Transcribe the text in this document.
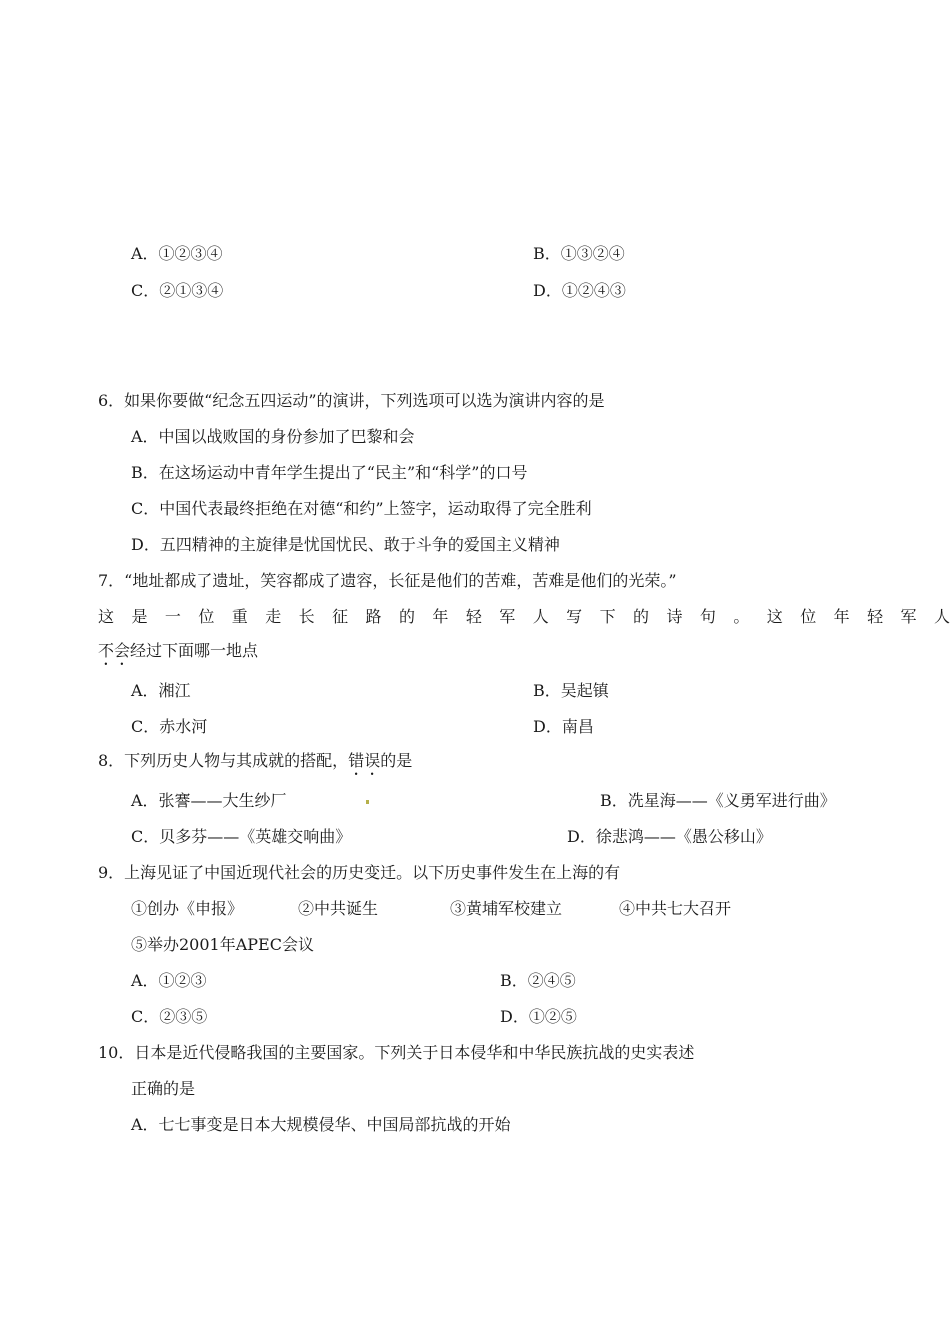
A．①②③④	B．①③②④
C．②①③④	D．①②④③
6．如果你要做“纪念五四运动”的演讲，下列选项可以选为演讲内容的是
A．中国以战败国的身份参加了巴黎和会
B．在这场运动中青年学生提出了“民主”和“科学”的口号
C．中国代表最终拒绝在对德“和约”上签字，运动取得了完全胜利
D．五四精神的主旋律是忧国忧民、敢于斗争的爱国主义精神
7．“地址都成了遗址，笑容都成了遗容，长征是他们的苦难，苦难是他们的光荣。”
这 是 一 位 重 走 长 征 路 的 年 轻 军 人 写 下 的 诗 句 。 这 位 年 轻 军 人
不会经过下面哪一地点
A．湘江	B．吴起镇
C．赤水河	D．南昌
8．下列历史人物与其成就的搭配，错误的是
A．张謇——大生纱厂	B．冼星海——《义勇军进行曲》
C．贝多芬——《英雄交响曲》	D．徐悲鸿——《愚公移山》
9．上海见证了中国近现代社会的历史变迁。以下历史事件发生在上海的有
①创办《申报》	②中共诞生	③黄埔军校建立	④中共七大召开
⑤举办2001年APEC会议
A．①②③	B．②④⑤
C．②③⑤	D．①②⑤
10．日本是近代侵略我国的主要国家。下列关于日本侵华和中华民族抗战的史实表述
正确的是
A．七七事变是日本大规模侵华、中国局部抗战的开始
